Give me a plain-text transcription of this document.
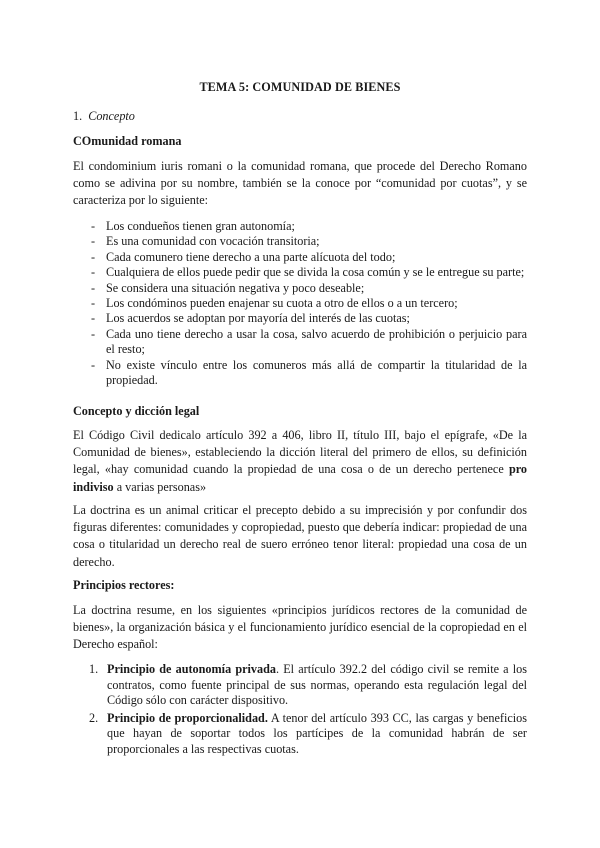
TEMA 5: COMUNIDAD DE BIENES
1. Concepto
COmunidad romana

El condominium iuris romani o la comunidad romana, que procede del Derecho Romano como se adivina por su nombre, también se la conoce por “comunidad por cuotas”, y se caracteriza por lo siguiente:

- Los condueños tienen gran autonomía;
- Es una comunidad con vocación transitoria;
- Cada comunero tiene derecho a una parte alícuota del todo;
- Cualquiera de ellos puede pedir que se divida la cosa común y se le entregue su parte;
- Se considera una situación negativa y poco deseable;
- Los condóminos pueden enajenar su cuota a otro de ellos o a un tercero;
- Los acuerdos se adoptan por mayoría del interés de las cuotas;
- Cada uno tiene derecho a usar la cosa, salvo acuerdo de prohibición o perjuicio para el resto;
- No existe vínculo entre los comuneros más allá de compartir la titularidad de la propiedad.
Concepto y dicción legal

El Código Civil dedicalo artículo 392 a 406, libro II, título III, bajo el epígrafe, «De la Comunidad de bienes», estableciendo la dicción literal del primero de ellos, su definición legal, «hay comunidad cuando la propiedad de una cosa o de un derecho pertenece pro indiviso a varias personas»

La doctrina es un animal criticar el precepto debido a su imprecisión y por confundir dos figuras diferentes: comunidades y copropiedad, puesto que debería indicar: propiedad de una cosa o titularidad un derecho real de suero erróneo tenor literal: propiedad una cosa de un derecho.

Principios rectores:

La doctrina resume, en los siguientes «principios jurídicos rectores de la comunidad de bienes», la organización básica y el funcionamiento jurídico esencial de la copropiedad en el Derecho español:

1. Principio de autonomía privada. El artículo 392.2 del código civil se remite a los contratos, como fuente principal de sus normas, operando esta regulación legal del Código sólo con carácter dispositivo.
2. Principio de proporcionalidad. A tenor del artículo 393 CC, las cargas y beneficios que hayan de soportar todos los partícipes de la comunidad habrán de ser proporcionales a las respectivas cuotas.
